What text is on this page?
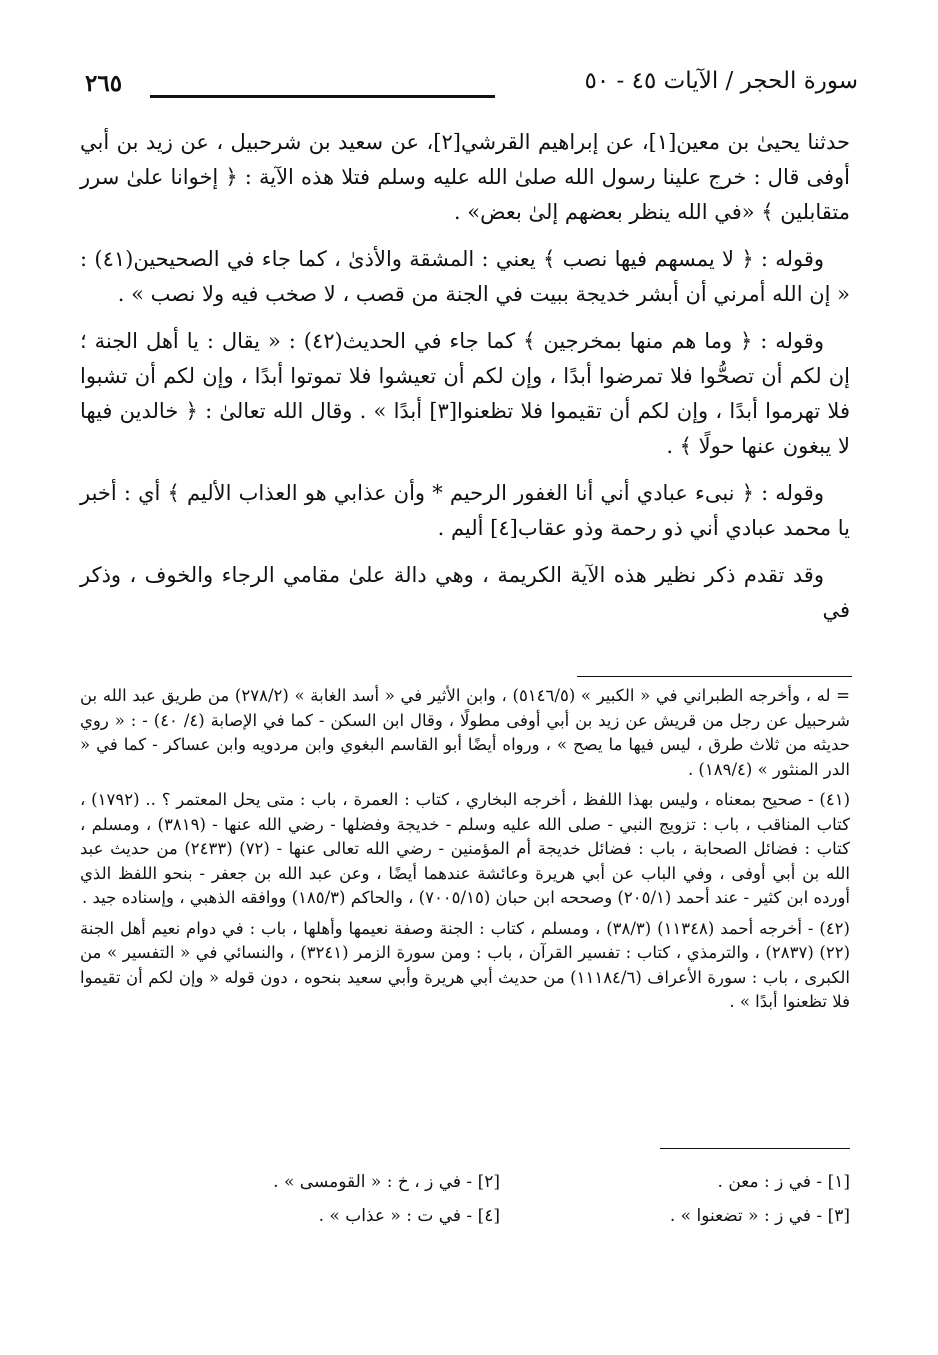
سورة الحجر / الآيات ٤٥ - ٥٠
٢٦٥

حدثنا يحيىٰ بن معين[١]، عن إبراهيم القرشي[٢]، عن سعيد بن شرحبيل ، عن زيد بن أبي أوفى قال : خرج علينا رسول الله صلىٰ الله عليه وسلم فتلا هذه الآية : ﴿ إخوانا علىٰ سرر متقابلين ﴾ «في الله ينظر بعضهم إلىٰ بعض» .

وقوله : ﴿ لا يمسهم فيها نصب ﴾ يعني : المشقة والأذىٰ ، كما جاء في الصحيحين(٤١) : « إن الله أمرني أن أبشر خديجة ببيت في الجنة من قصب ، لا صخب فيه ولا نصب » .

وقوله : ﴿ وما هم منها بمخرجين ﴾ كما جاء في الحديث(٤٢) : « يقال : يا أهل الجنة ؛ إن لكم أن تصحُّوا فلا تمرضوا أبدًا ، وإن لكم أن تعيشوا فلا تموتوا أبدًا ، وإن لكم أن تشبوا فلا تهرموا أبدًا ، وإن لكم أن تقيموا فلا تظعنوا[٣] أبدًا » . وقال الله تعالىٰ : ﴿ خالدين فيها لا يبغون عنها حولًا ﴾ .

وقوله : ﴿ نبىء عبادي أني أنا الغفور الرحيم * وأن عذابي هو العذاب الأليم ﴾ أي : أخبر يا محمد عبادي أني ذو رحمة وذو عقاب[٤] أليم .

وقد تقدم ذكر نظير هذه الآية الكريمة ، وهي دالة علىٰ مقامي الرجاء والخوف ، وذكر في

= له ، وأخرجه الطبراني في « الكبير » (٥١٤٦/٥) ، وابن الأثير في « أسد الغابة » (٢٧٨/٢) من طريق عبد الله بن شرحبيل عن رجل من قريش عن زيد بن أبي أوفى مطولًا ، وقال ابن السكن - كما في الإصابة (٤/ ٤٠) - : « روي حديثه من ثلاث طرق ، ليس فيها ما يصح » ، ورواه أيضًا أبو القاسم البغوي وابن مردويه وابن عساكر - كما في « الدر المنثور » (١٨٩/٤) .

(٤١) - صحيح بمعناه ، وليس بهذا اللفظ ، أخرجه البخاري ، كتاب : العمرة ، باب : متى يحل المعتمر ؟ .. (١٧٩٢) ، كتاب المناقب ، باب : تزويج النبي - صلى الله عليه وسلم - خديجة وفضلها - رضي الله عنها - (٣٨١٩) ، ومسلم ، كتاب : فضائل الصحابة ، باب : فضائل خديجة أم المؤمنين - رضي الله تعالى عنها - (٧٢) (٢٤٣٣) من حديث عبد الله بن أبي أوفى ، وفي الباب عن أبي هريرة وعائشة عندهما أيضًا ، وعن عبد الله بن جعفر - بنحو اللفظ الذي أورده ابن كثير - عند أحمد (٢٠٥/١) وصححه ابن حبان (٧٠٠٥/١٥) ، والحاكم (١٨٥/٣) ووافقه الذهبي ، وإسناده جيد .

(٤٢) - أخرجه أحمد (١١٣٤٨) (٣٨/٣) ، ومسلم ، كتاب : الجنة وصفة نعيمها وأهلها ، باب : في دوام نعيم أهل الجنة (٢٢) (٢٨٣٧) ، والترمذي ، كتاب : تفسير القرآن ، باب : ومن سورة الزمر (٣٢٤١) ، والنسائي في « التفسير » من الكبرى ، باب : سورة الأعراف (١١١٨٤/٦) من حديث أبي هريرة وأبي سعيد بنحوه ، دون قوله « وإن لكم أن تقيموا فلا تظعنوا أبدًا » .

[١] - في ز : معن .
[٢] - في ز ، خ : « القومسى » .
[٣] - في ز : « تضعنوا » .
[٤] - في ت : « عذاب » .
